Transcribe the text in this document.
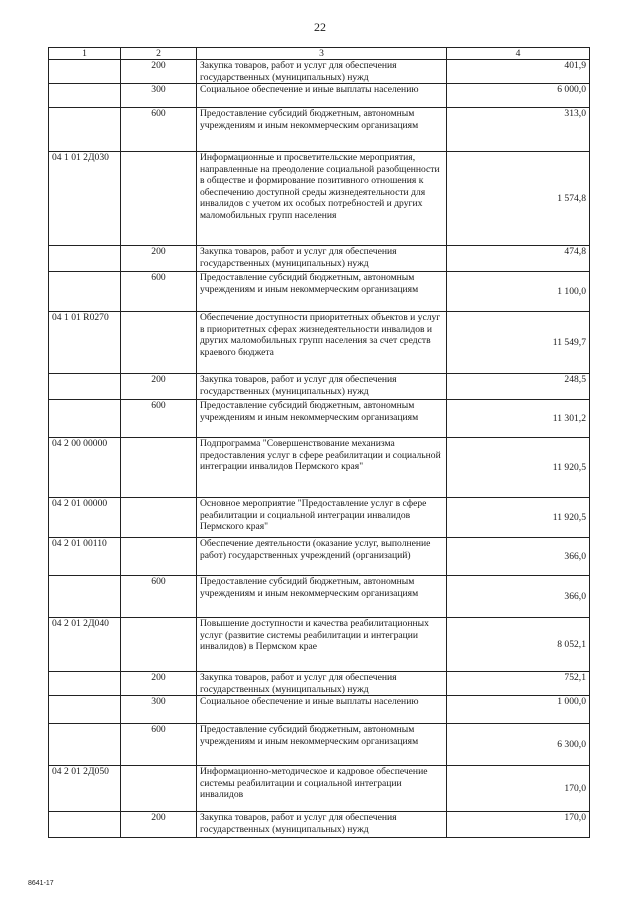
22
1	2	3	4
	200	Закупка товаров, работ и услуг для обеспечения государственных (муниципальных) нужд	401,9
	300	Социальное обеспечение и иные выплаты населению	6 000,0
	600	Предоставление субсидий бюджетным, автономным учреждениям и иным некоммерческим организациям	313,0
04 1 01 2Д030		Информационные и просветительские мероприятия, направленные на преодоление социальной разобщенности в обществе и формирование позитивного отношения к обеспечению доступной среды жизнедеятельности для инвалидов с учетом их особых потребностей и других маломобильных групп населения	1 574,8
	200	Закупка товаров, работ и услуг для обеспечения государственных (муниципальных) нужд	474,8
	600	Предоставление субсидий бюджетным, автономным учреждениям и иным некоммерческим организациям	1 100,0
04 1 01 R0270		Обеспечение доступности приоритетных объектов и услуг в приоритетных сферах жизнедеятельности инвалидов и других маломобильных групп населения за счет средств краевого бюджета	11 549,7
	200	Закупка товаров, работ и услуг для обеспечения государственных (муниципальных) нужд	248,5
	600	Предоставление субсидий бюджетным, автономным учреждениям и иным некоммерческим организациям	11 301,2
04 2 00 00000		Подпрограмма "Совершенствование механизма предоставления услуг в сфере реабилитации и социальной интеграции инвалидов Пермского края"	11 920,5
04 2 01 00000		Основное мероприятие "Предоставление услуг в сфере реабилитации и социальной интеграции инвалидов Пермского края"	11 920,5
04 2 01 00110		Обеспечение деятельности (оказание услуг, выполнение работ) государственных учреждений (организаций)	366,0
	600	Предоставление субсидий бюджетным, автономным учреждениям и иным некоммерческим организациям	366,0
04 2 01 2Д040		Повышение доступности и качества реабилитационных услуг (развитие системы реабилитации и интеграции инвалидов) в Пермском крае	8 052,1
	200	Закупка товаров, работ и услуг для обеспечения государственных (муниципальных) нужд	752,1
	300	Социальное обеспечение и иные выплаты населению	1 000,0
	600	Предоставление субсидий бюджетным, автономным учреждениям и иным некоммерческим организациям	6 300,0
04 2 01 2Д050		Информационно-методическое и кадровое обеспечение системы реабилитации и социальной интеграции инвалидов	170,0
	200	Закупка товаров, работ и услуг для обеспечения государственных (муниципальных) нужд	170,0
8641-17
